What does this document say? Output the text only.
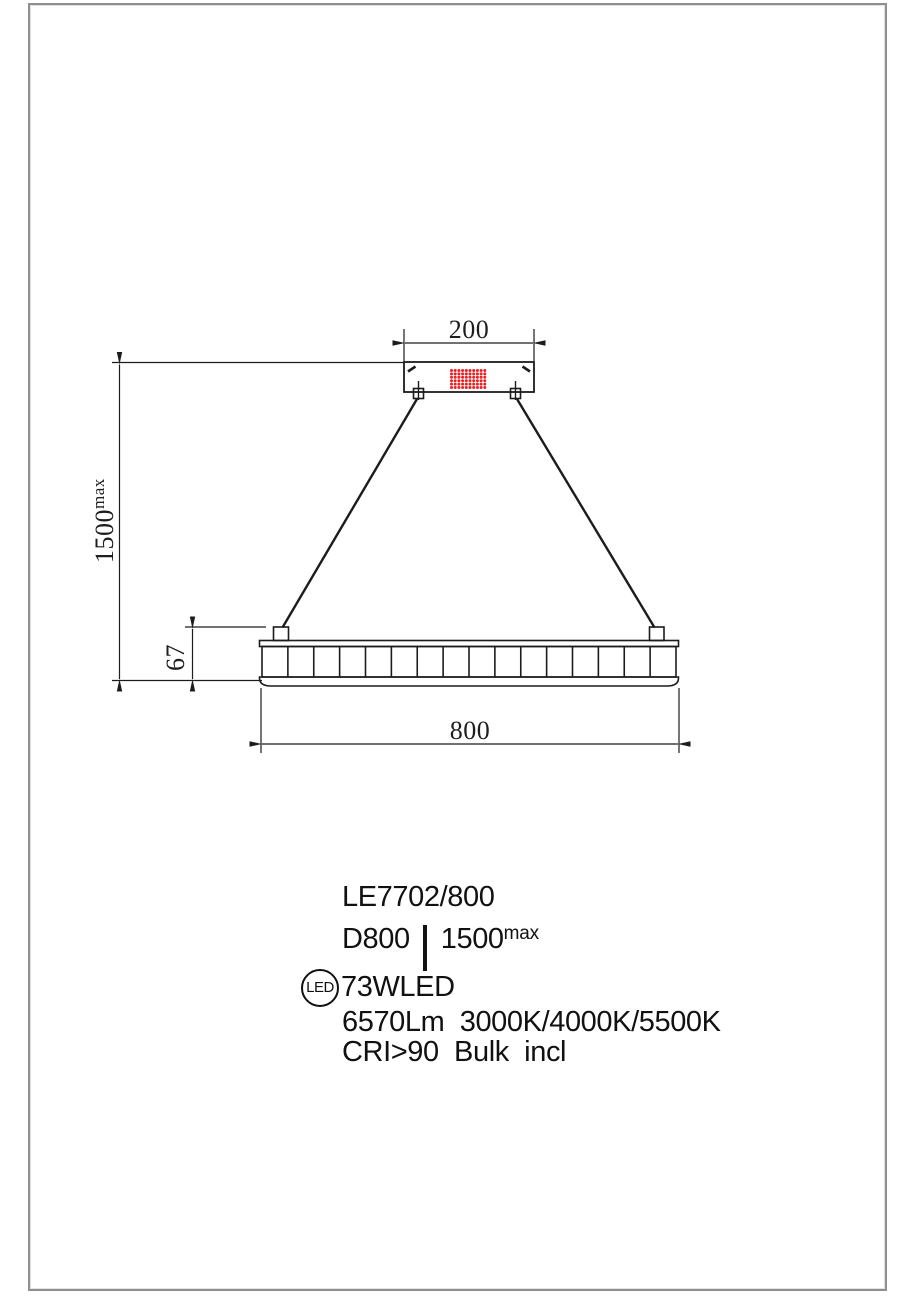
200
$1500^{max}$
67
800
LE7702/800
D800 $1500^{max}$
LED 73WLED
6570Lm  3000K/4000K/5500K
CRI>90  Bulk  incl
